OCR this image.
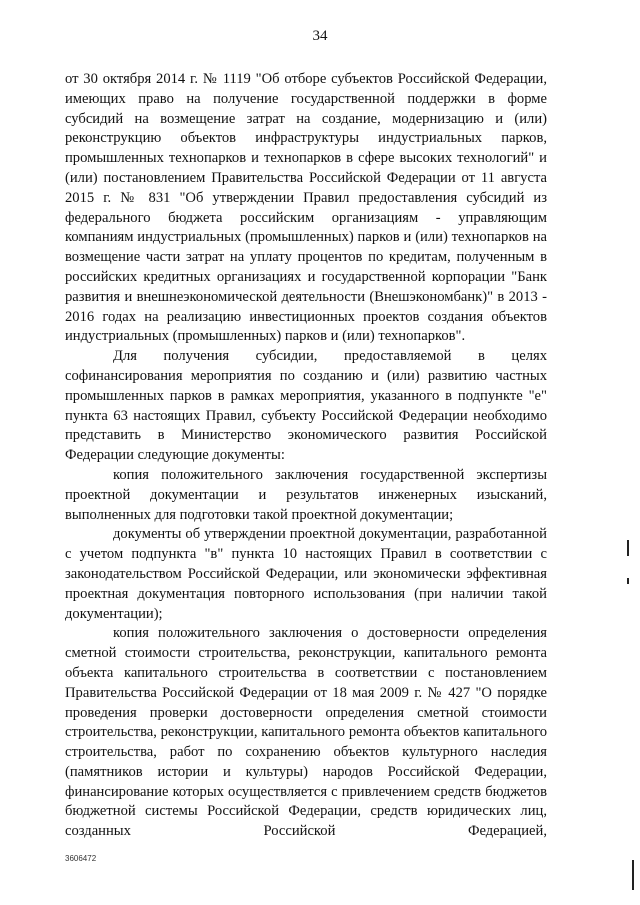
34

от 30 октября 2014 г. № 1119 "Об отборе субъектов Российской Федерации, имеющих право на получение государственной поддержки в форме субсидий на возмещение затрат на создание, модернизацию и (или) реконструкцию объектов инфраструктуры индустриальных парков, промышленных технопарков и технопарков в сфере высоких технологий" и (или) постановлением Правительства Российской Федерации от 11 августа 2015 г. № 831 "Об утверждении Правил предоставления субсидий из федерального бюджета российским организациям - управляющим компаниям индустриальных (промышленных) парков и (или) технопарков на возмещение части затрат на уплату процентов по кредитам, полученным в российских кредитных организациях и государственной корпорации "Банк развития и внешнеэкономической деятельности (Внешэкономбанк)" в 2013 - 2016 годах на реализацию инвестиционных проектов создания объектов индустриальных (промышленных) парков и (или) технопарков".

Для получения субсидии, предоставляемой в целях софинансирования мероприятия по созданию и (или) развитию частных промышленных парков в рамках мероприятия, указанного в подпункте "е" пункта 63 настоящих Правил, субъекту Российской Федерации необходимо представить в Министерство экономического развития Российской Федерации следующие документы:

копия положительного заключения государственной экспертизы проектной документации и результатов инженерных изысканий, выполненных для подготовки такой проектной документации;

документы об утверждении проектной документации, разработанной с учетом подпункта "в" пункта 10 настоящих Правил в соответствии с законодательством Российской Федерации, или экономически эффективная проектная документация повторного использования (при наличии такой документации);

копия положительного заключения о достоверности определения сметной стоимости строительства, реконструкции, капитального ремонта объекта капитального строительства в соответствии с постановлением Правительства Российской Федерации от 18 мая 2009 г. № 427 "О порядке проведения проверки достоверности определения сметной стоимости строительства, реконструкции, капитального ремонта объектов капитального строительства, работ по сохранению объектов культурного наследия (памятников истории и культуры) народов Российской Федерации, финансирование которых осуществляется с привлечением средств бюджетов бюджетной системы Российской Федерации, средств юридических лиц, созданных Российской Федерацией,

3606472
